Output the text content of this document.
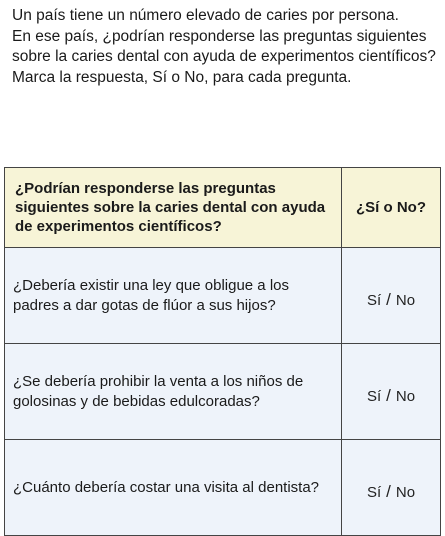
Un país tiene un número elevado de caries por persona.

En ese país, ¿podrían responderse las preguntas siguientes sobre la caries dental con ayuda de experimentos científicos?

Marca la respuesta, Sí o No, para cada pregunta.

¿Podrían responderse las preguntas siguientes sobre la caries dental con ayuda de experimentos científicos?	¿Sí o No?
¿Debería existir una ley que obligue a los padres a dar gotas de flúor a sus hijos?	Sí / No
¿Se debería prohibir la venta a los niños de golosinas y de bebidas edulcoradas?	Sí / No
¿Cuánto debería costar una visita al dentista?	Sí / No
